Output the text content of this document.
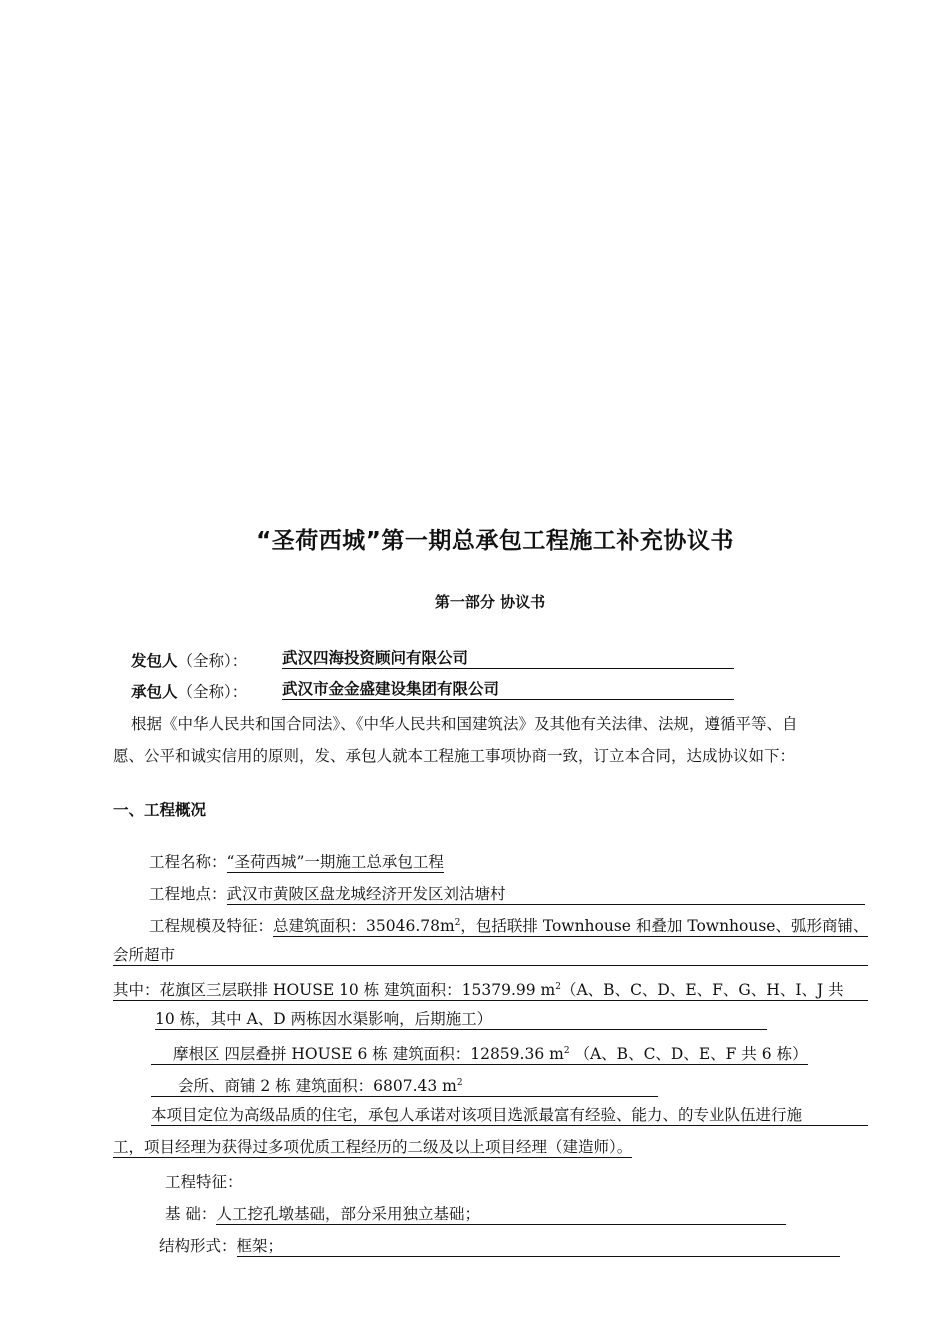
“圣荷西城”第一期总承包工程施工补充协议书
第一部分 协议书
发包人（全称）： 武汉四海投资顾问有限公司
承包人（全称）： 武汉市金金盛建设集团有限公司
根据《中华人民共和国合同法》、《中华人民共和国建筑法》及其他有关法律、法规，遵循平等、自
愿、公平和诚实信用的原则，发、承包人就本工程施工事项协商一致，订立本合同，达成协议如下：
一、工程概况
工程名称：“圣荷西城”一期施工总承包工程
工程地点：武汉市黄陂区盘龙城经济开发区刘沽塘村
工程规模及特征：总建筑面积：$35046.78m^2$，包括联排 Townhouse 和叠加 Townhouse、弧形商铺、
会所超市
其中：花旗区三层联排 HOUSE 10 栋 建筑面积：15379.99 $m^2(A$、B、C、D、E、F、G、H、I、J 共
10 栋，其中 A、D 两栋因水渠影响，后期施工）
摩根区 四层叠拼 HOUSE 6 栋 建筑面积：12859.36 $m^2$ （A、B、C、D、E、F 共 6 栋）
会所、商铺 2 栋 建筑面积：6807.43 $m^2$
本项目定位为高级品质的住宅，承包人承诺对该项目选派最富有经验、能力、的专业队伍进行施
工，项目经理为获得过多项优质工程经历的二级及以上项目经理（建造师）。
工程特征：
基 础：人工挖孔墩基础，部分采用独立基础；
结构形式：框架；
